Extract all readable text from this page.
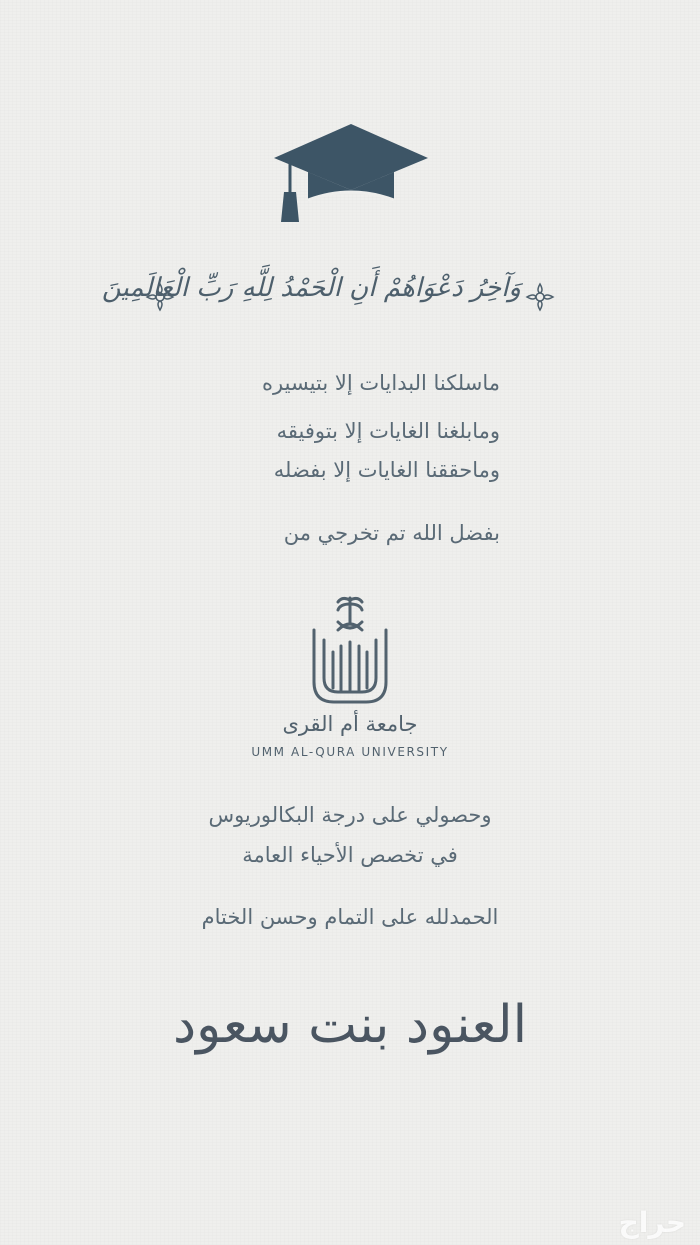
وَآخِرُ دَعْوَاهُمْ أَنِ الْحَمْدُ لِلَّهِ رَبِّ الْعَالَمِينَ
ماسلكنا البدايات إلا بتيسيره
ومابلغنا الغايات إلا بتوفيقه
وماحققنا الغايات إلا بفضله
بفضل الله تم تخرجي من
جامعة أم القرى
UMM AL-QURA UNIVERSITY
وحصولي على درجة البكالوريوس
في تخصص الأحياء العامة
الحمدلله على التمام وحسن الختام
العنود بنت سعود
حراج
